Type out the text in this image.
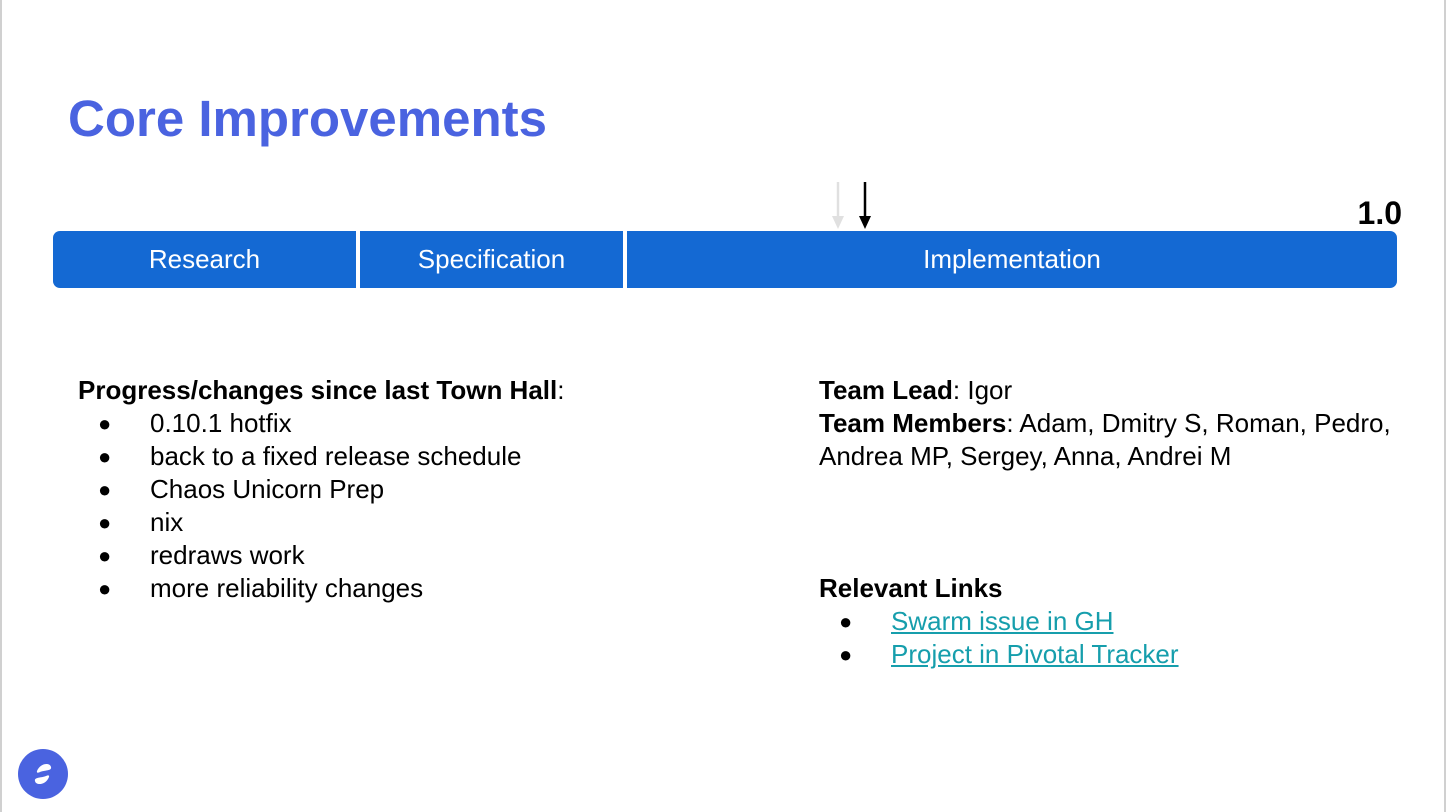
Core Improvements
1.0
Research	Specification	Implementation
Progress/changes since last Town Hall:
● 0.10.1 hotfix
● back to a fixed release schedule
● Chaos Unicorn Prep
● nix
● redraws work
● more reliability changes
Team Lead: Igor
Team Members: Adam, Dmitry S, Roman, Pedro, Andrea MP, Sergey, Anna, Andrei M
Relevant Links
● Swarm issue in GH
● Project in Pivotal Tracker
